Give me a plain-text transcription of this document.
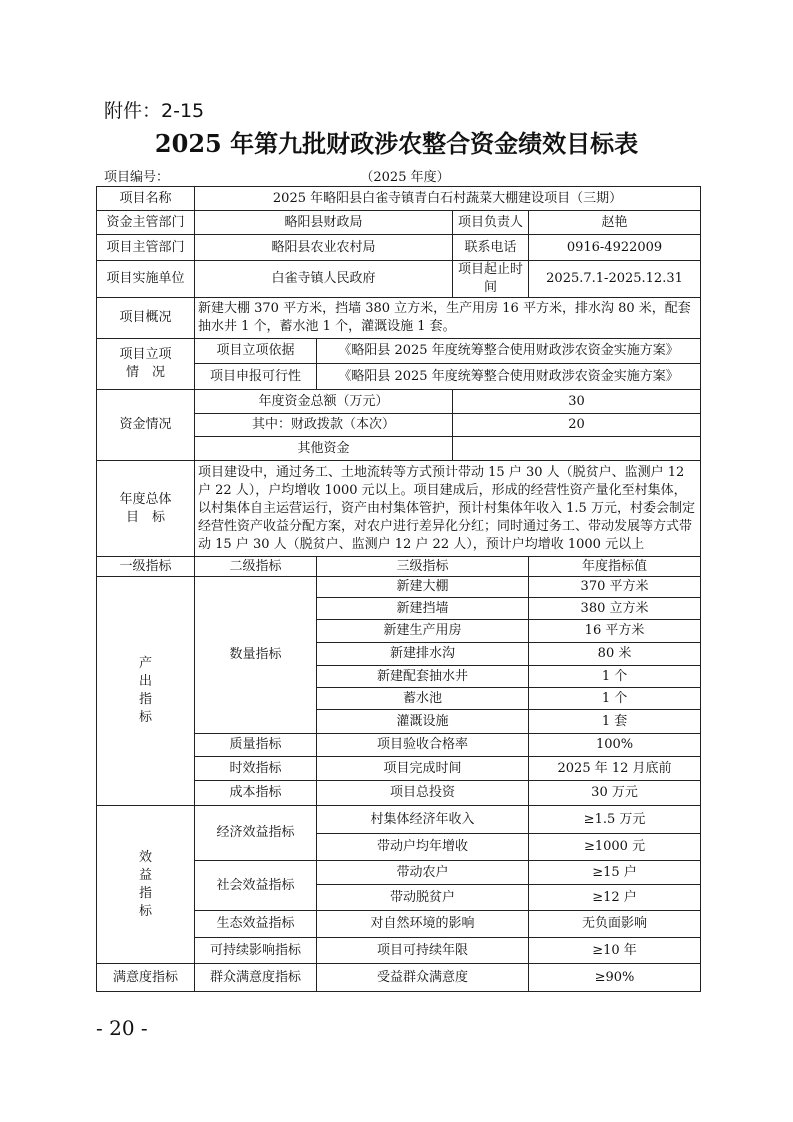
附件：2-15
2025 年第九批财政涉农整合资金绩效目标表
项目编号：	（2025 年度）
项目名称	2025 年略阳县白雀寺镇青白石村蔬菜大棚建设项目（三期）			
资金主管部门	略阳县财政局		项目负责人	赵艳
项目主管部门	略阳县农业农村局		联系电话	0916-4922009
项目实施单位	白雀寺镇人民政府		项目起止时间	2025.7.1-2025.12.31
项目概况	新建大棚 370 平方米，挡墙 380 立方米，生产用房 16 平方米，排水沟 80 米，配套抽水井 1 个，蓄水池 1 个，灌溉设施 1 套。			

项目立项
情　况	项目立项依据	《略阳县 2025 年度统筹整合使用财政涉农资金实施方案》		
	项目申报可行性	《略阳县 2025 年度统筹整合使用财政涉农资金实施方案》		
资金情况	年度资金总额（万元）		30	
	其中：财政拨款（本次）		20	
	其他资金			

年度总体
目　标	项目建设中，通过务工、土地流转等方式预计带动 15 户 30 人（脱贫户、监测户 12 户 22 人），户均增收 1000 元以上。项目建成后，形成的经营性资产量化至村集体，以村集体自主运营运行，资产由村集体管护，预计村集体年收入 1.5 万元，村委会制定经营性资产收益分配方案，对农户进行差异化分红；同时通过务工、带动发展等方式带动 15 户 30 人（脱贫户、监测户 12 户 22 人），预计户均增收 1000 元以上			
一级指标	二级指标	三级指标		年度指标值

产
出
指
标	数量指标	新建大棚		370 平方米
		新建挡墙		380 立方米
		新建生产用房		16 平方米
		新建排水沟		80 米
		新建配套抽水井		1 个
		蓄水池		1 个
		灌溉设施		1 套
	质量指标	项目验收合格率		100%
	时效指标	项目完成时间		2025 年 12 月底前
	成本指标	项目总投资		30 万元

效
益
指
标	经济效益指标	村集体经济年收入		≥1.5 万元
		带动户均年增收		≥1000 元
	社会效益指标	带动农户		≥15 户
		带动脱贫户		≥12 户
	生态效益指标	对自然环境的影响		无负面影响
	可持续影响指标	项目可持续年限		≥10 年
满意度指标	群众满意度指标	受益群众满意度		≥90%
- 20 -
